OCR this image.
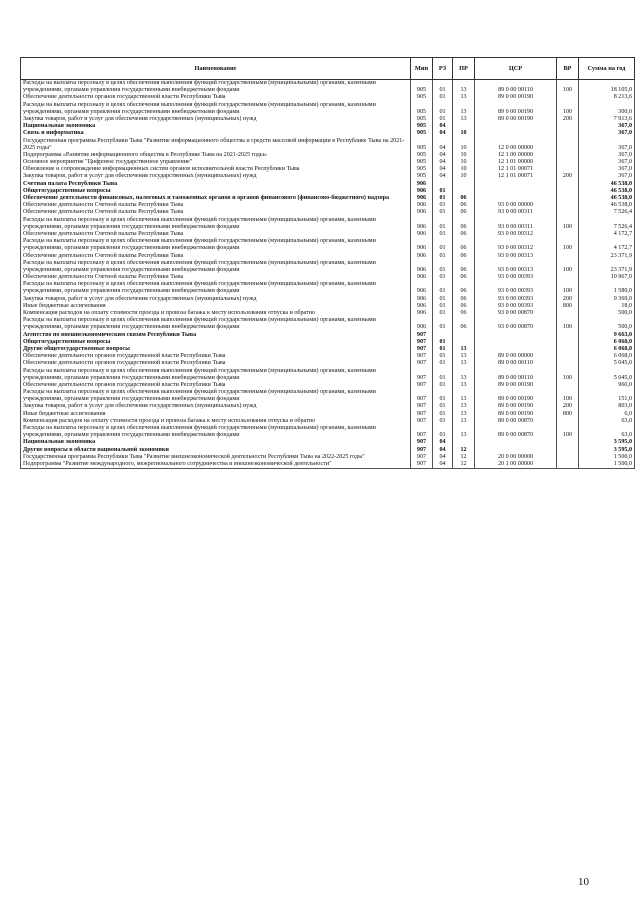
Наименование	Мин	РЗ	ПР	ЦСР	ВР	Сумма на год
Расходы на выплаты персоналу в целях обеспечения выполнения функций государственными (муниципальными) органами, казенными учреждениями, органами управления государственными внебюджетными фондами	905	01	13	89 0 00 00110	100	18 105,0
Обеспечение деятельности органов государственной власти Республики Тыва	905	01	13	89 0 00 00190		8 213,6
Расходы на выплаты персоналу в целях обеспечения выполнения функций государственными (муниципальными) органами, казенными учреждениями, органами управления государственными внебюджетными фондами	905	01	13	89 0 00 00190	100	300,0
Закупка товаров, работ и услуг для обеспечения государственных (муниципальных) нужд	905	01	13	89 0 00 00190	200	7 913,6
Национальная экономика	905	04				367,0
Связь и информатика	905	04	10			367,0
Государственная программа Республики Тыва "Развитие информационного общества и средств массовой информации в Республике Тыва на 2021-2025 годы"	905	04	10	12 0 00 00000		367,0
Подпрограмма «Развитие информационного общества в Республике Тыва на 2021-2025 годы»	905	04	10	12 1 00 00000		367,0
Основное мероприятие "Цифровое государственное управление"	905	04	10	12 1 01 00000		367,0
Обновление и сопровождение информационных систем органов исполнительной власти Республики Тыва	905	04	10	12 1 01 00071		367,0
Закупка товаров, работ и услуг для обеспечения государственных (муниципальных) нужд	905	04	10	12 1 01 00071	200	367,0
Счетная палата Республики Тыва	906					46 538,0
Общегосударственные вопросы	906	01				46 538,0
Обеспечение деятельности финансовых, налоговых и таможенных органов и органов финансового (финансово-бюджетного) надзора	906	01	06			46 538,0
Обеспечение деятельности Счетной палаты Республики Тыва	906	01	06	93 0 00 00000		46 538,0
Обеспечение деятельности Счетной палаты Республики Тыва	906	01	06	93 0 00 00311		7 526,4
Расходы на выплаты персоналу в целях обеспечения выполнения функций государственными (муниципальными) органами, казенными учреждениями, органами управления государственными внебюджетными фондами	906	01	06	93 0 00 00311	100	7 526,4
Обеспечение деятельности Счетной палаты Республики Тыва	906	01	06	93 0 00 00312		4 172,7
Расходы на выплаты персоналу в целях обеспечения выполнения функций государственными (муниципальными) органами, казенными учреждениями, органами управления государственными внебюджетными фондами	906	01	06	93 0 00 00312	100	4 172,7
Обеспечение деятельности Счетной палаты Республики Тыва	906	01	06	93 0 00 00313		23 371,9
Расходы на выплаты персоналу в целях обеспечения выполнения функций государственными (муниципальными) органами, казенными учреждениями, органами управления государственными внебюджетными фондами	906	01	06	93 0 00 00313	100	23 371,9
Обеспечение деятельности Счетной палаты Республики Тыва	906	01	06	93 0 00 00393		10 967,0
Расходы на выплаты персоналу в целях обеспечения выполнения функций государственными (муниципальными) органами, казенными учреждениями, органами управления государственными внебюджетными фондами	906	01	06	93 0 00 00393	100	1 580,0
Закупка товаров, работ и услуг для обеспечения государственных (муниципальных) нужд	906	01	06	93 0 00 00393	200	9 369,0
Иные бюджетные ассигнования	906	01	06	93 0 00 00393	800	18,0
Компенсация расходов на оплату стоимости проезда и провоза багажа к месту использования отпуска и обратно	906	01	06	93 0 00 00870		500,0
Расходы на выплаты персоналу в целях обеспечения выполнения функций государственными (муниципальными) органами, казенными учреждениями, органами управления государственными внебюджетными фондами	906	01	06	93 0 00 00870	100	500,0
Агентство по внешнеэкономическим связям Республики Тыва	907					9 663,0
Общегосударственные вопросы	907	01				6 068,0
Другие общегосударственные вопросы	907	01	13			6 068,0
Обеспечение деятельности органов государственной власти Республики Тыва	907	01	13	89 0 00 00000		6 068,0
Обеспечение деятельности органов государственной власти Республики Тыва	907	01	13	89 0 00 00110		5 045,0
Расходы на выплаты персоналу в целях обеспечения выполнения функций государственными (муниципальными) органами, казенными учреждениями, органами управления государственными внебюджетными фондами	907	01	13	89 0 00 00110	100	5 045,0
Обеспечение деятельности органов государственной власти Республики Тыва	907	01	13	89 0 00 00190		960,0
Расходы на выплаты персоналу в целях обеспечения выполнения функций государственными (муниципальными) органами, казенными учреждениями, органами управления государственными внебюджетными фондами	907	01	13	89 0 00 00190	100	151,0
Закупка товаров, работ и услуг для обеспечения государственных (муниципальных) нужд	907	01	13	89 0 00 00190	200	803,0
Иные бюджетные ассигнования	907	01	13	89 0 00 00190	800	6,0
Компенсация расходов на оплату стоимости проезда и провоза багажа к месту использования отпуска и обратно	907	01	13	89 0 00 00870		63,0
Расходы на выплаты персоналу в целях обеспечения выполнения функций государственными (муниципальными) органами, казенными учреждениями, органами управления государственными внебюджетными фондами	907	01	13	89 0 00 00870	100	63,0
Национальная экономика	907	04				3 595,0
Другие вопросы в области национальной экономики	907	04	12			3 595,0
Государственная программа Республики Тыва "Развитие внешнеэкономической деятельности Республики Тыва на 2022-2025 годы"	907	04	12	20 0 00 00000		1 500,0
Подпрограмма "Развитие международного, межрегионального сотрудничества и внешнеэкономической деятельности"	907	04	12	20 1 00 00000		1 500,0
10
